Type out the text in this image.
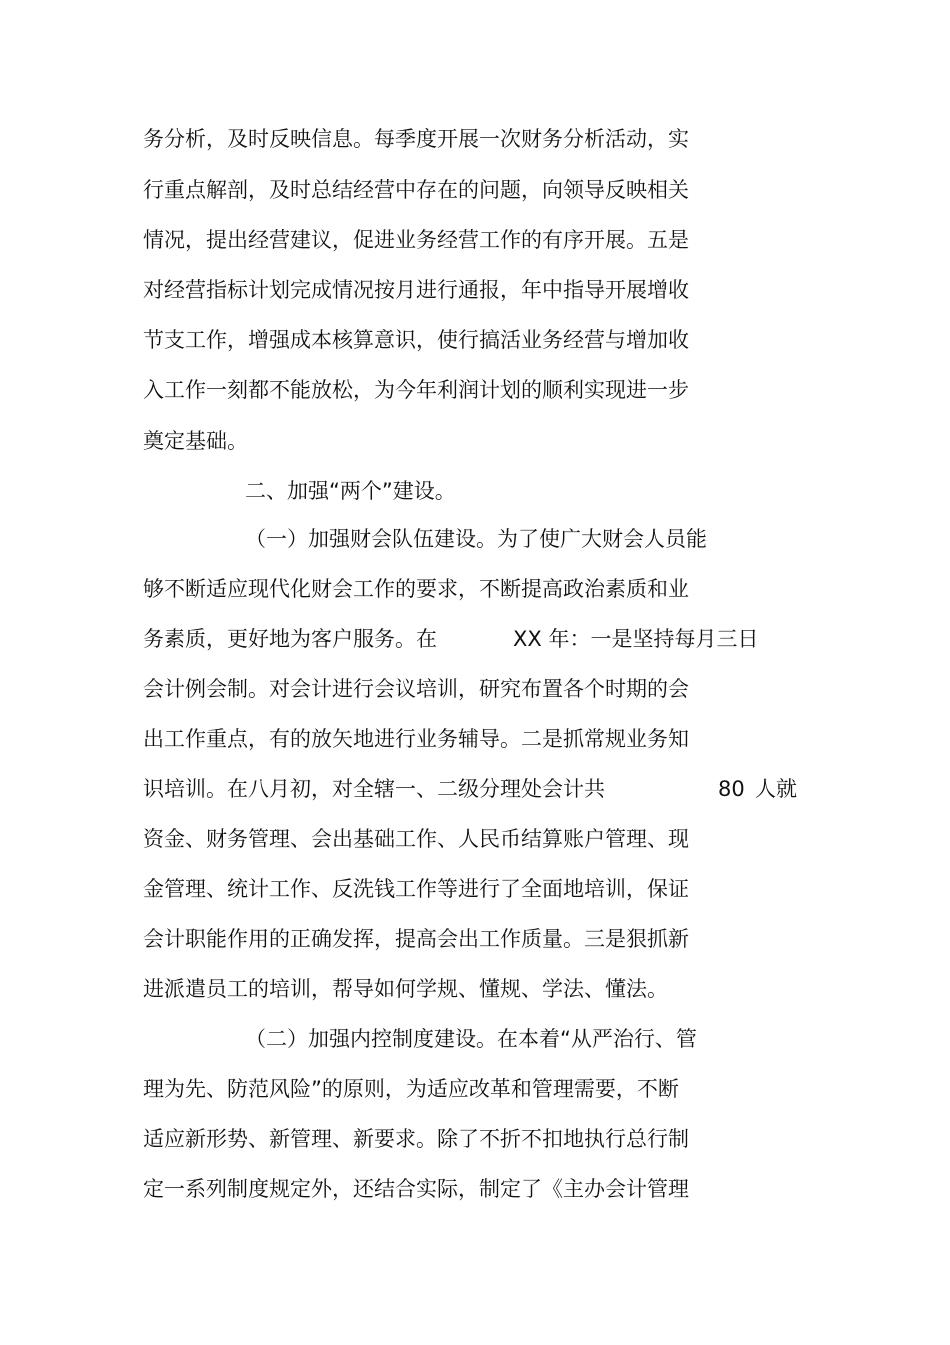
务分析，及时反映信息。每季度开展一次财务分析活动，实
行重点解剖，及时总结经营中存在的问题，向领导反映相关
情况，提出经营建议，促进业务经营工作的有序开展。五是
对经营指标计划完成情况按月进行通报，年中指导开展增收
节支工作，增强成本核算意识，使行搞活业务经营与增加收
入工作一刻都不能放松，为今年利润计划的顺利实现进一步
奠定基础。
二、加强“两个”建设。
（一）加强财会队伍建设。为了使广大财会人员能
够不断适应现代化财会工作的要求，不断提高政治素质和业
务素质，更好地为客户服务。在	XX 年：一是坚持每月三日
会计例会制。对会计进行会议培训，研究布置各个时期的会
出工作重点，有的放矢地进行业务辅导。二是抓常规业务知
识培训。在八月初，对全辖一、二级分理处会计共	80 人就
资金、财务管理、会出基础工作、人民币结算账户管理、现
金管理、统计工作、反洗钱工作等进行了全面地培训，保证
会计职能作用的正确发挥，提高会出工作质量。三是狠抓新
进派遣员工的培训，帮导如何学规、懂规、学法、懂法。
（二）加强内控制度建设。在本着“从严治行、管
理为先、防范风险”的原则，为适应改革和管理需要，不断
适应新形势、新管理、新要求。除了不折不扣地执行总行制
定一系列制度规定外，还结合实际，制定了《主办会计管理
